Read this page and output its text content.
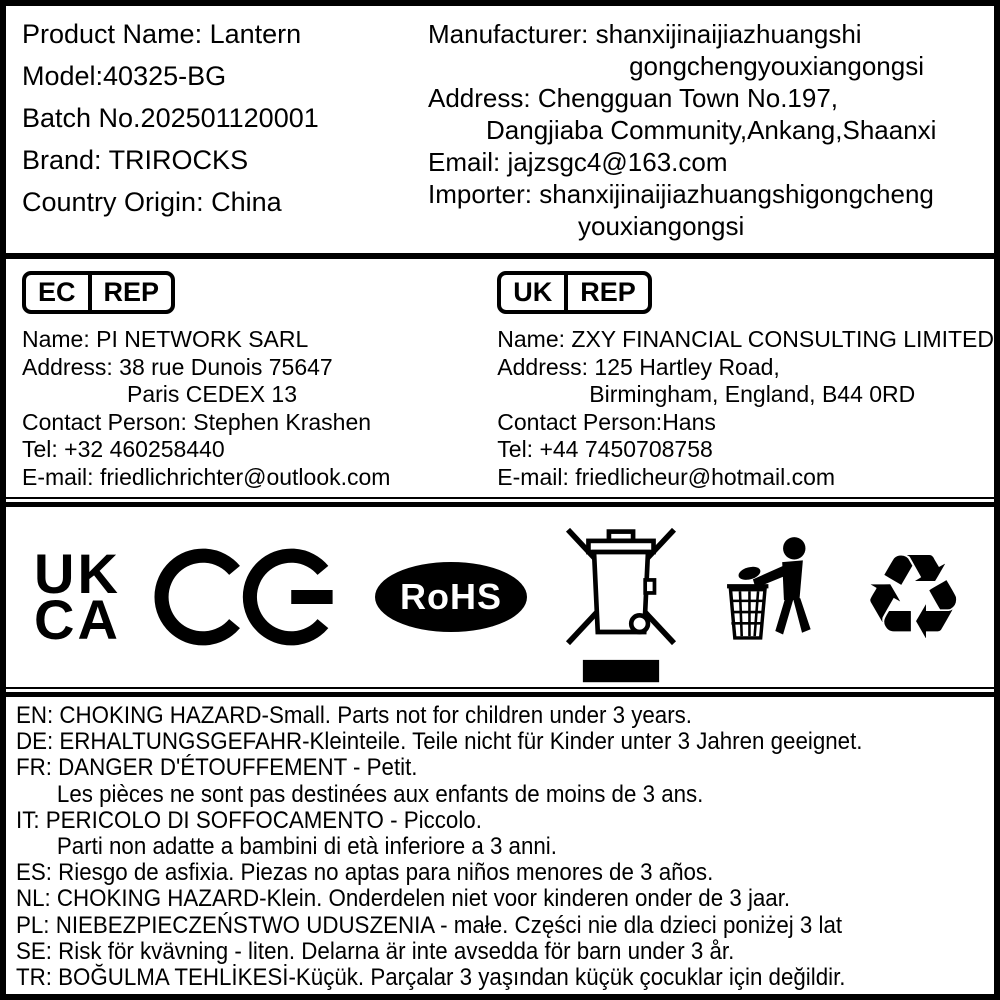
Product Name: Lantern
Model:40325-BG
Batch No.202501120001
Brand: TRIROCKS
Country Origin: China
Manufacturer: shanxijinaijiazhuangshi
gongchengyouxiangongsi
Address: Chengguan Town No.197,
Dangjiaba Community,Ankang,Shaanxi
Email: jajzsgc4@163.com
Importer: shanxijinaijiazhuangshigongcheng
youxiangongsi
EC	REP
Name: PI NETWORK SARL
Address: 38 rue Dunois 75647
Paris CEDEX 13
Contact Person: Stephen Krashen
Tel: +32 460258440
E-mail: friedlichrichter@outlook.com
UK	REP
Name: ZXY FINANCIAL CONSULTING LIMITED
Address: 125 Hartley Road,
Birmingham, England, B44 0RD
Contact Person:Hans
Tel: +44 7450708758
E-mail: friedlicheur@hotmail.com
UK
CA	RoHS	♻
EN: CHOKING HAZARD-Small. Parts not for children under 3 years.
DE: ERHALTUNGSGEFAHR-Kleinteile. Teile nicht für Kinder unter 3 Jahren geeignet.
FR: DANGER D'ÉTOUFFEMENT - Petit.
Les pièces ne sont pas destinées aux enfants de moins de 3 ans.
IT: PERICOLO DI SOFFOCAMENTO - Piccolo.
Parti non adatte a bambini di età inferiore a 3 anni.
ES: Riesgo de asfixia. Piezas no aptas para niños menores de 3 años.
NL: CHOKING HAZARD-Klein. Onderdelen niet voor kinderen onder de 3 jaar.
PL: NIEBEZPIECZEŃSTWO UDUSZENIA - małe. Części nie dla dzieci poniżej 3 lat
SE: Risk för kvävning - liten. Delarna är inte avsedda för barn under 3 år.
TR: BOĞULMA TEHLİKESİ-Küçük. Parçalar 3 yaşından küçük çocuklar için değildir.
